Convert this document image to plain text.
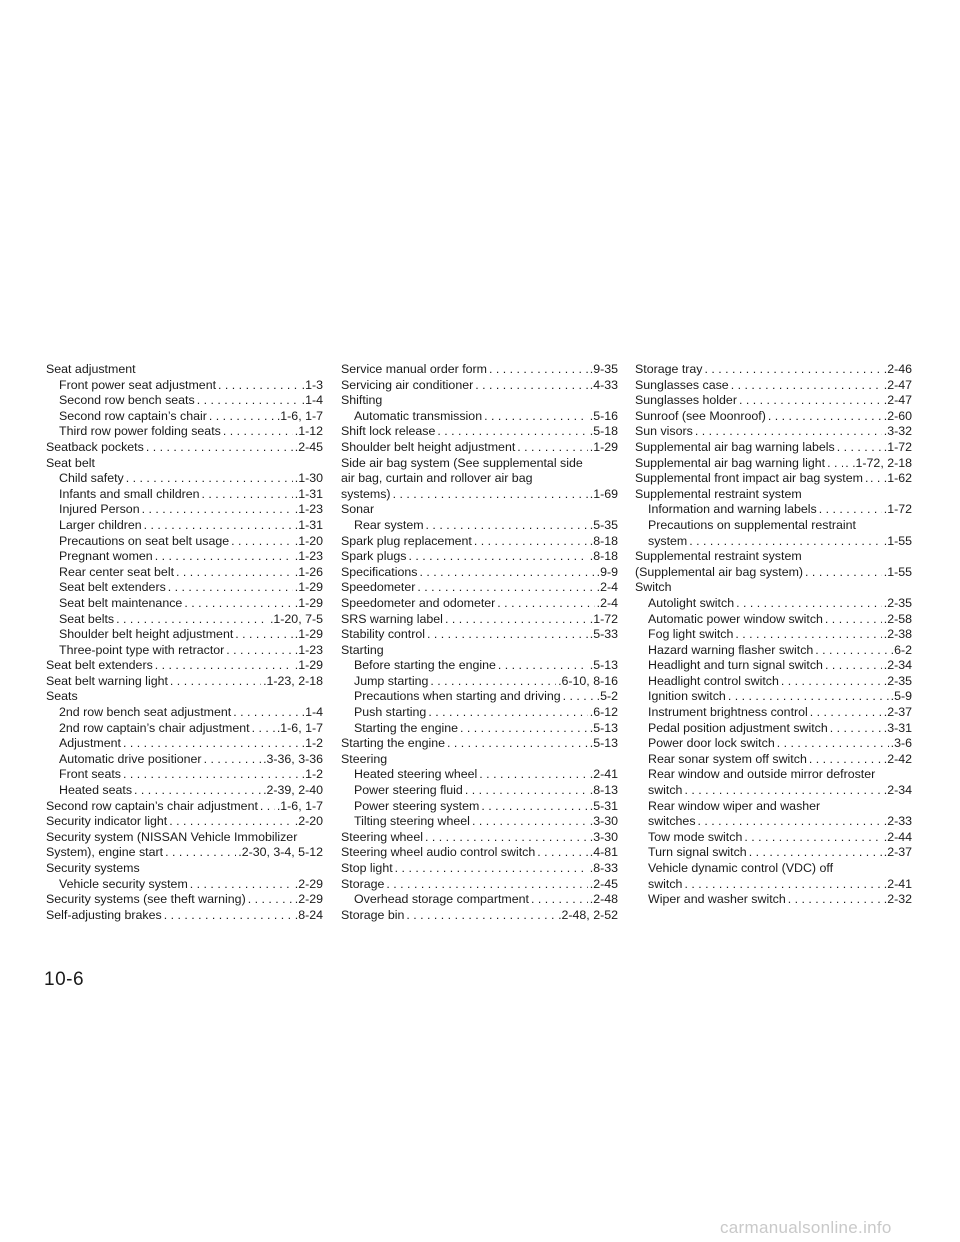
Seat adjustment
Front power seat adjustment . . .	.1-3
Second row bench seats . . .	.1-4
Second row captain’s chair . . .	.1-6, 1-7
Third row power folding seats . . .	.1-12
Seatback pockets . . .	.2-45
Seat belt
Child safety . . .	.1-30
Infants and small children . . .	.1-31
Injured Person . . .	.1-23
Larger children . . .	.1-31
Precautions on seat belt usage . . .	.1-20
Pregnant women . . .	.1-23
Rear center seat belt . . .	.1-26
Seat belt extenders . . .	.1-29
Seat belt maintenance . . .	.1-29
Seat belts . . .	.1-20, 7-5
Shoulder belt height adjustment . . .	.1-29
Three-point type with retractor . . .	.1-23
Seat belt extenders . . .	.1-29
Seat belt warning light . . .	.1-23, 2-18
Seats
2nd row bench seat adjustment . . .	.1-4
2nd row captain’s chair adjustment . . . .1-6, 1-7
Adjustment . . .	.1-2
Automatic drive positioner . . .	.3-36, 3-36
Front seats . . .	.1-2
Heated seats . . .	.2-39, 2-40
Second row captain’s chair adjustment . . . .1-6, 1-7
Security indicator light . . .	.2-20
Security system (NISSAN Vehicle Immobilizer
System), engine start . . .	.2-30, 3-4, 5-12
Security systems
Vehicle security system . . .	.2-29
Security systems (see theft warning) . . .	.2-29
Self-adjusting brakes . . .	.8-24
Service manual order form . . .	.9-35
Servicing air conditioner . . .	.4-33
Shifting
Automatic transmission . . .	.5-16
Shift lock release . . .	.5-18
Shoulder belt height adjustment . . .	.1-29
Side air bag system (See supplemental side
air bag, curtain and rollover air bag
systems) . . .	.1-69
Sonar
Rear system . . .	.5-35
Spark plug replacement . . .	.8-18
Spark plugs . . .	.8-18
Specifications . . .	.9-9
Speedometer . . .	.2-4
Speedometer and odometer . . .	.2-4
SRS warning label . . .	.1-72
Stability control . . .	.5-33
Starting
Before starting the engine . . .	.5-13
Jump starting . . .	.6-10, 8-16
Precautions when starting and driving . . .	.5-2
Push starting . . .	.6-12
Starting the engine . . .	.5-13
Starting the engine . . .	.5-13
Steering
Heated steering wheel . . .	.2-41
Power steering fluid . . .	.8-13
Power steering system . . .	.5-31
Tilting steering wheel . . .	.3-30
Steering wheel . . .	.3-30
Steering wheel audio control switch . . .	.4-81
Stop light . . .	.8-33
Storage . . .	.2-45
Overhead storage compartment . . .	.2-48
Storage bin . . .	.2-48, 2-52
Storage tray . . .	.2-46
Sunglasses case . . .	.2-47
Sunglasses holder . . .	.2-47
Sunroof (see Moonroof) . . .	.2-60
Sun visors . . .	.3-32
Supplemental air bag warning labels . . .	.1-72
Supplemental air bag warning light . . . . .1-72, 2-18
Supplemental front impact air bag system . . . . . .1-62
Supplemental restraint system
Information and warning labels . . .	.1-72
Precautions on supplemental restraint
system . . .	.1-55
Supplemental restraint system
(Supplemental air bag system) . . .	.1-55
Switch
Autolight switch . . .	.2-35
Automatic power window switch . . .	.2-58
Fog light switch . . .	.2-38
Hazard warning flasher switch . . .	.6-2
Headlight and turn signal switch . . .	.2-34
Headlight control switch . . .	.2-35
Ignition switch . . .	.5-9
Instrument brightness control . . .	.2-37
Pedal position adjustment switch . . .	.3-31
Power door lock switch . . .	.3-6
Rear sonar system off switch . . .	.2-42
Rear window and outside mirror defroster
switch . . .	.2-34
Rear window wiper and washer
switches . . .	.2-33
Tow mode switch . . .	.2-44
Turn signal switch . . .	.2-37
Vehicle dynamic control (VDC) off
switch . . .	.2-41
Wiper and washer switch . . .	.2-32
10-6
carmanualsonline.info
